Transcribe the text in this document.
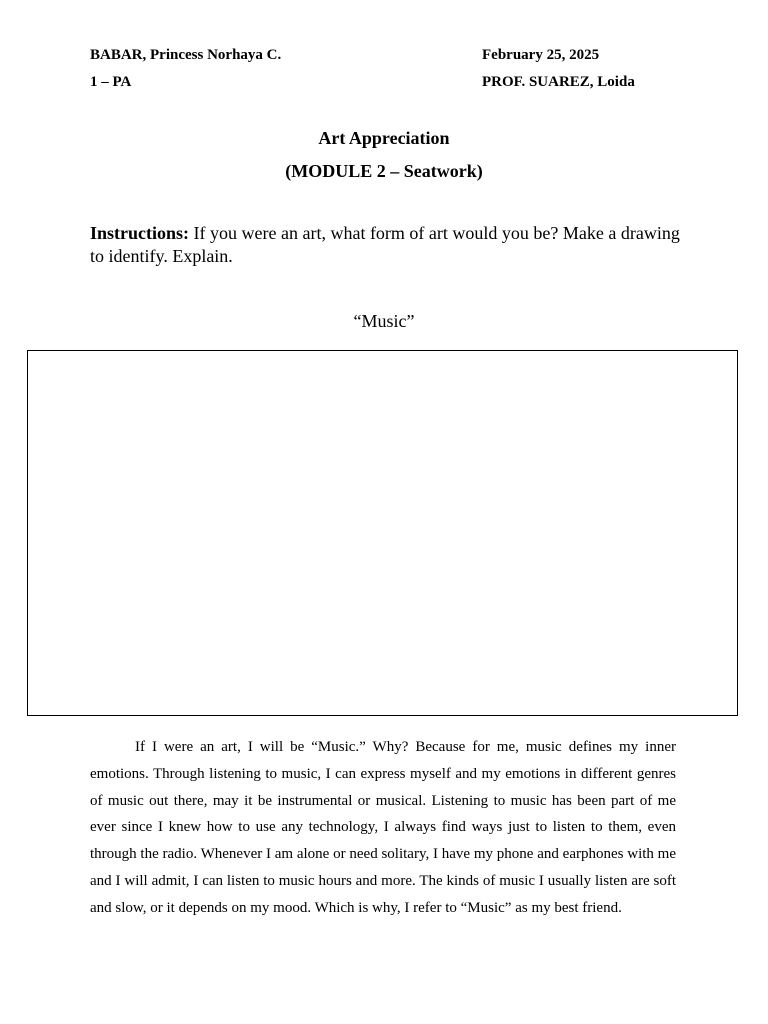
BABAR, Princess Norhaya C.	February 25, 2025
1 – PA	PROF. SUAREZ, Loida
Art Appreciation
(MODULE 2 – Seatwork)
Instructions: If you were an art, what form of art would you be? Make a drawing to identify. Explain.
“Music”

If I were an art, I will be “Music.” Why? Because for me, music defines my inner emotions. Through listening to music, I can express myself and my emotions in different genres of music out there, may it be instrumental or musical. Listening to music has been part of me ever since I knew how to use any technology, I always find ways just to listen to them, even through the radio. Whenever I am alone or need solitary, I have my phone and earphones with me and I will admit, I can listen to music hours and more. The kinds of music I usually listen are soft and slow, or it depends on my mood. Which is why, I refer to “Music” as my best friend.
